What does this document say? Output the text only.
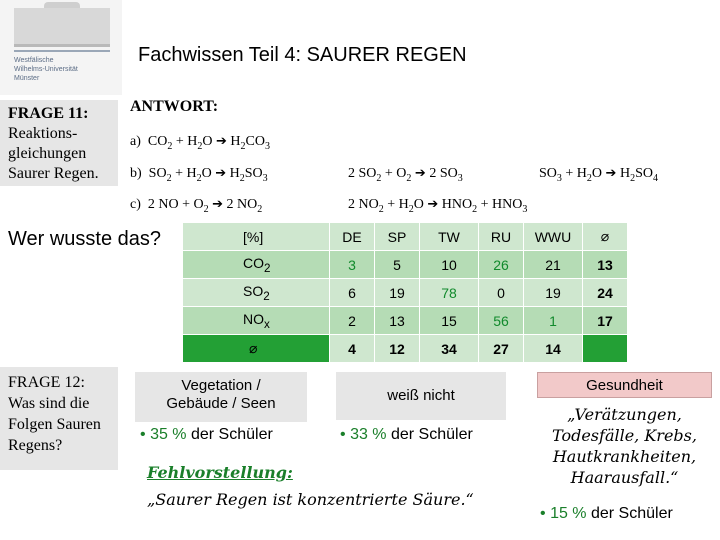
Westfälische
Wilhelms-Universität
Münster
Fachwissen Teil 4: SAURER REGEN
FRAGE 11:
Reaktions-
gleichungen
Saurer Regen.
ANTWORT:
a)  $CO_2 + H_2O$ ➔ $H_2CO_3$
b)  $SO_2 + H_2O$ ➔ $H_2SO_3$	2 $SO_2 + O_2$ ➔ 2 $SO_3$	$SO_3 + H_2O$ ➔ $H_2SO_4$
c)  2 NO + $O_2$ ➔ 2 $NO_2$	2 $NO_2 + H_2O$ ➔ $HNO_2 + HNO_3$
Wer wusste das?	[%]	DE	SP	TW	RU	WWU	⌀
$CO_2$	3	5	10	26	21	13
$SO_2$	6	19	78	0	19	24
$NO_x$	2	13	15	56	1	17
⌀	4	12	34	27	14	
FRAGE 12:
Was sind die
Folgen Sauren
Regens?
Vegetation /
Gebäude / Seen
• 35 % der Schüler
weiß nicht
• 33 % der Schüler
Gesundheit
„Verätzungen,
Todesfälle, Krebs,
Hautkrankheiten,
Haarausfall.“
• 15 % der Schüler
Fehlvorstellung:
„Saurer Regen ist konzentrierte Säure.“
